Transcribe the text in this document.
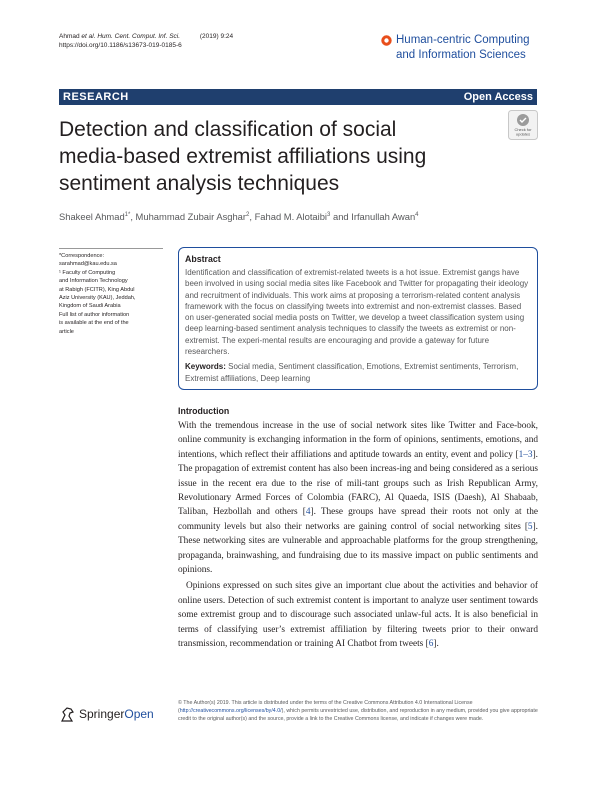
Ahmad et al. Hum. Cent. Comput. Inf. Sci.	(2019) 9:24
https://doi.org/10.1186/s13673-019-0185-6	Human-centric Computing
and Information Sciences
RESEARCH	Open Access
Detection and classification of social
media-based extremist affiliations using
sentiment analysis techniques
Check for
updates
Shakeel Ahmad$^{1*}$, Muhammad Zubair Asghar$^2$, Fahad M. Alotaibi$^3$ and Irfanullah Awan$^4$
*Correspondence:
sarahmad@kau.edu.sa
¹ Faculty of Computing
and Information Technology
at Rabigh (FCITR), King Abdul
Aziz University (KAU), Jeddah,
Kingdom of Saudi Arabia
Full list of author information
is available at the end of the
article
Abstract

Identification and classification of extremist-related tweets is a hot issue. Extremist gangs have been involved in using social media sites like Facebook and Twitter for propagating their ideology and recruitment of individuals. This work aims at proposing a terrorism-related content analysis framework with the focus on classifying tweets into extremist and non-extremist classes. Based on user-generated social media posts on Twitter, we develop a tweet classification system using deep learning-based sentiment analysis techniques to classify the tweets as extremist or non-extremist. The experi-mental results are encouraging and provide a gateway for future researchers.

Keywords: Social media, Sentiment classification, Emotions, Extremist sentiments, Terrorism, Extremist affiliations, Deep learning
Introduction

With the tremendous increase in the use of social network sites like Twitter and Face-book, online community is exchanging information in the form of opinions, sentiments, emotions, and intentions, which reflect their affiliations and aptitude towards an entity, event and policy [1–3]. The propagation of extremist content has also been increas-ing and being considered as a serious issue in the recent era due to the rise of mili-tant groups such as Irish Republican Army, Revolutionary Armed Forces of Colombia (FARC), Al Quaeda, ISIS (Daesh), Al Shabaab, Taliban, Hezbollah and others [4]. These groups have spread their roots not only at the community levels but also their networks are gaining control of social networking sites [5]. These networking sites are vulnerable and approachable platforms for the group strengthening, propaganda, brainwashing, and fundraising due to its massive impact on public sentiments and opinions.

Opinions expressed on such sites give an important clue about the activities and behavior of online users. Detection of such extremist content is important to analyze user sentiment towards some extremist group and to discourage such associated unlaw-ful acts. It is also beneficial in terms of classifying user’s extremist affiliation by filtering tweets prior to their onward transmission, recommendation or training AI Chatbot from tweets [6].

SpringerOpen
© The Author(s) 2019. This article is distributed under the terms of the Creative Commons Attribution 4.0 International License (http://creativecommons.org/licenses/by/4.0/), which permits unrestricted use, distribution, and reproduction in any medium, provided you give appropriate credit to the original author(s) and the source, provide a link to the Creative Commons license, and indicate if changes were made.
